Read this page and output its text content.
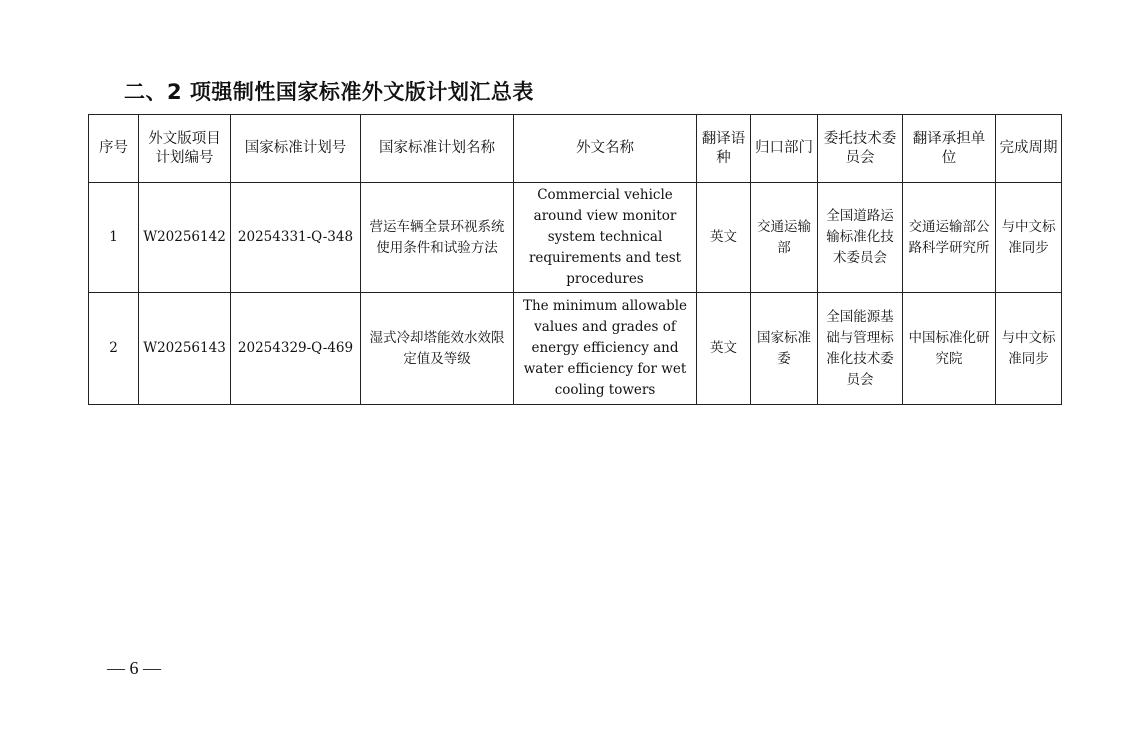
二、2 项强制性国家标准外文版计划汇总表
序号	外文版项目计划编号	国家标准计划号	国家标准计划名称	外文名称	翻译语种	归口部门	委托技术委员会	翻译承担单位	完成周期
1	W20256142	20254331-Q-348	营运车辆全景环视系统使用条件和试验方法	Commercial vehicle around view monitor system technical requirements and test procedures	英文	交通运输部	全国道路运输标准化技术委员会	交通运输部公路科学研究所	与中文标准同步
2	W20256143	20254329-Q-469	湿式冷却塔能效水效限定值及等级	The minimum allowable values and grades of energy efficiency and water efficiency for wet cooling towers	英文	国家标准委	全国能源基础与管理标准化技术委员会	中国标准化研究院	与中文标准同步
— 6 —
